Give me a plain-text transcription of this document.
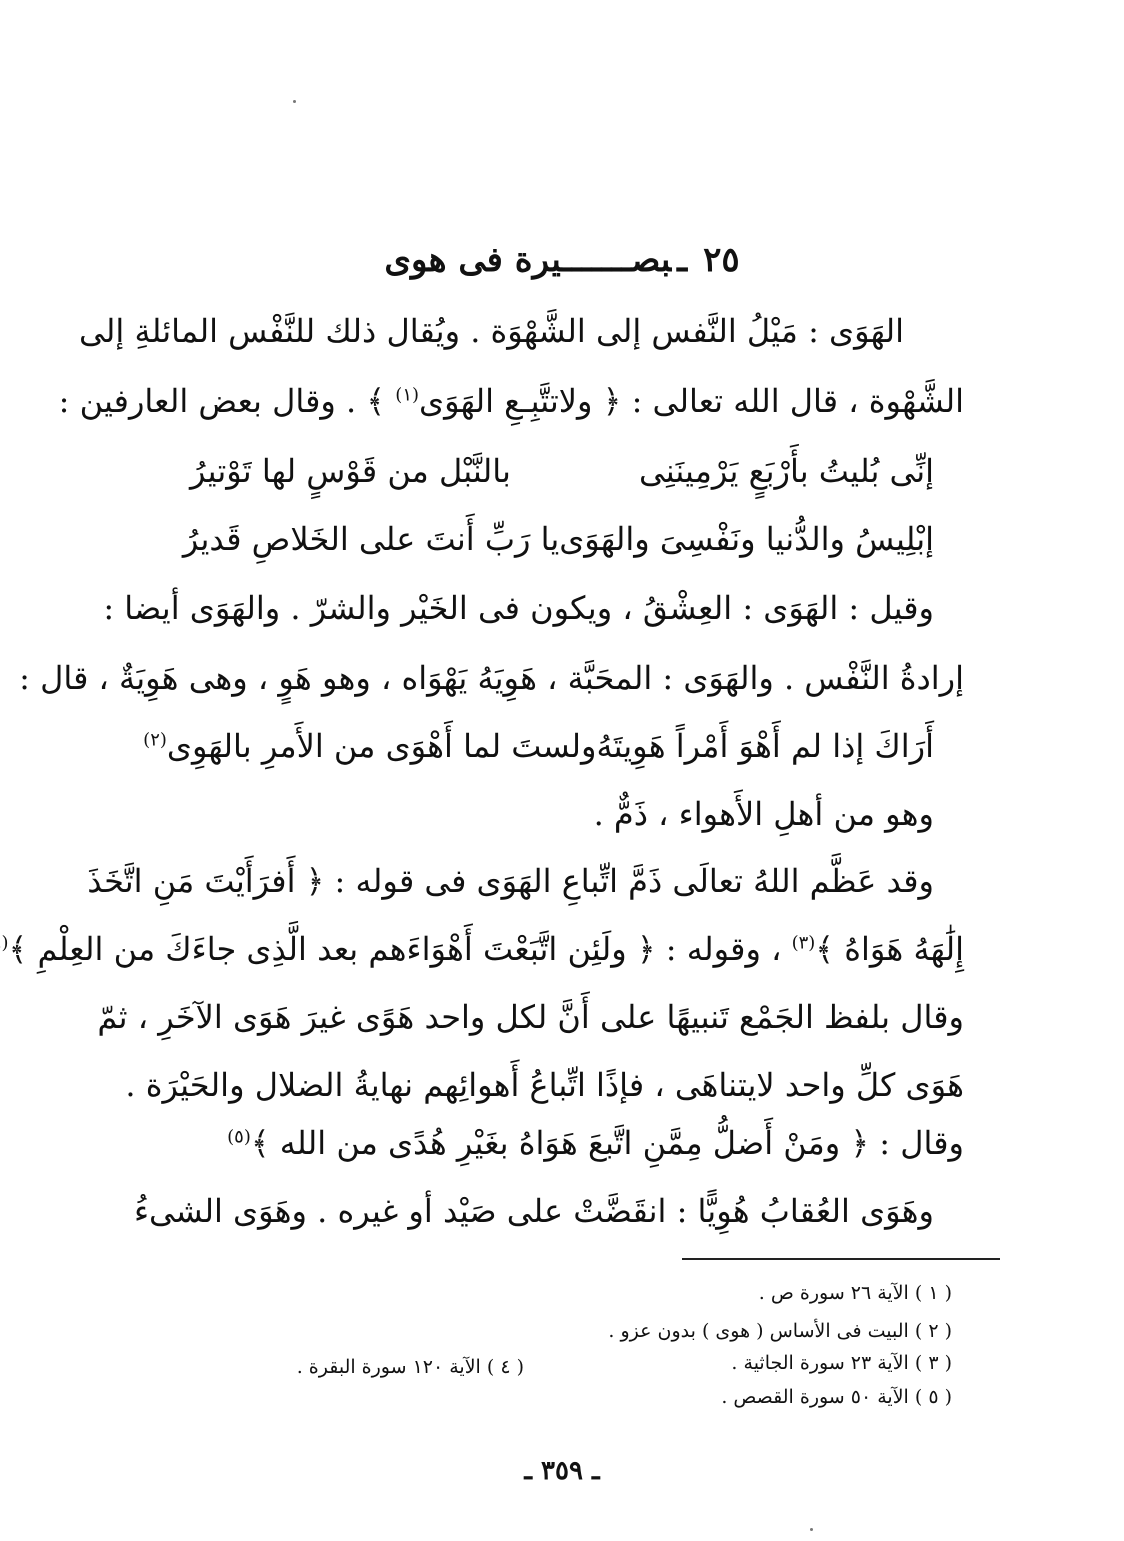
٢٥ـبصـــــــيرة فى هوى
الهَوَى : مَيْلُ النَّفس إلى الشَّهْوَة . ويُقال ذلك للنَّفْس المائلةِ إلى
الشَّهْوة ، قال الله تعالى : ﴿ ولاتتَّبِـعِ الهَوَى$^{(١)}$ ﴾ . وقال بعض العارفين :
إنِّى بُليتُ بأَرْبَعٍ يَرْمِينَنِى
بالنَّبْل من قَوْسٍ لها تَوْتيرُ
إبْلِيسُ والدُّنيا ونَفْسِىَ والهَوَى
يا رَبِّ أَنتَ على الخَلاصِ قَديرُ
وقيل : الهَوَى : العِشْقُ ، ويكون فى الخَيْر والشرّ . والهَوَى أيضا :
إرادةُ النَّفْس . والهَوَى : المحَبَّة ، هَوِيَهُ يَهْوَاه ، وهو هَوٍ ، وهى هَوِيَةٌ ، قال :
أَرَاكَ إذا لم أَهْوَ أَمْراً هَوِيتَهُ
ولستَ لما أَهْوَى من الأَمرِ بالهَوِى$^{(٢)}$
وهو من أهلِ الأَهواء ، ذَمٌّ .
وقد عَظَّم اللهُ تعالَى ذَمَّ اتِّباعِ الهَوَى فى قوله : ﴿ أَفرَأَيْتَ مَنِ اتَّخَذَ
إِلَٰهَهُ هَوَاهُ ﴾$^{(٣)}$ ، وقوله : ﴿ ولَئِن اتَّبَعْتَ أَهْوَاءَهم بعد الَّذِى جاءَكَ من العِلْمِ ﴾(
وقال بلفظ الجَمْع تَنبيهًا على أَنَّ لكل واحد هَوًى غيرَ هَوَى الآخَرِ ، ثمّ
هَوَى كلِّ واحد لايتناهَى ، فإذًا اتِّباعُ أَهوائِهم نهايةُ الضلال والحَيْرَة .
وقال : ﴿ ومَنْ أَضلُّ مِمَّنِ اتَّبعَ هَوَاهُ بغَيْرِ هُدًى من الله ﴾$^{(٥)}$
وهَوَى العُقابُ هُوِيًّا : انقَضَّتْ على صَيْد أو غيره . وهَوَى الشىءُ
( ١ ) الآية ٢٦ سورة ص .
( ٢ ) البيت فى الأساس ( هوى ) بدون عزو .
( ٣ ) الآية ٢٣ سورة الجاثية .
( ٤ ) الآية ١٢٠ سورة البقرة .
( ٥ ) الآية ٥٠ سورة القصص .
ـ ٣٥٩ ـ
